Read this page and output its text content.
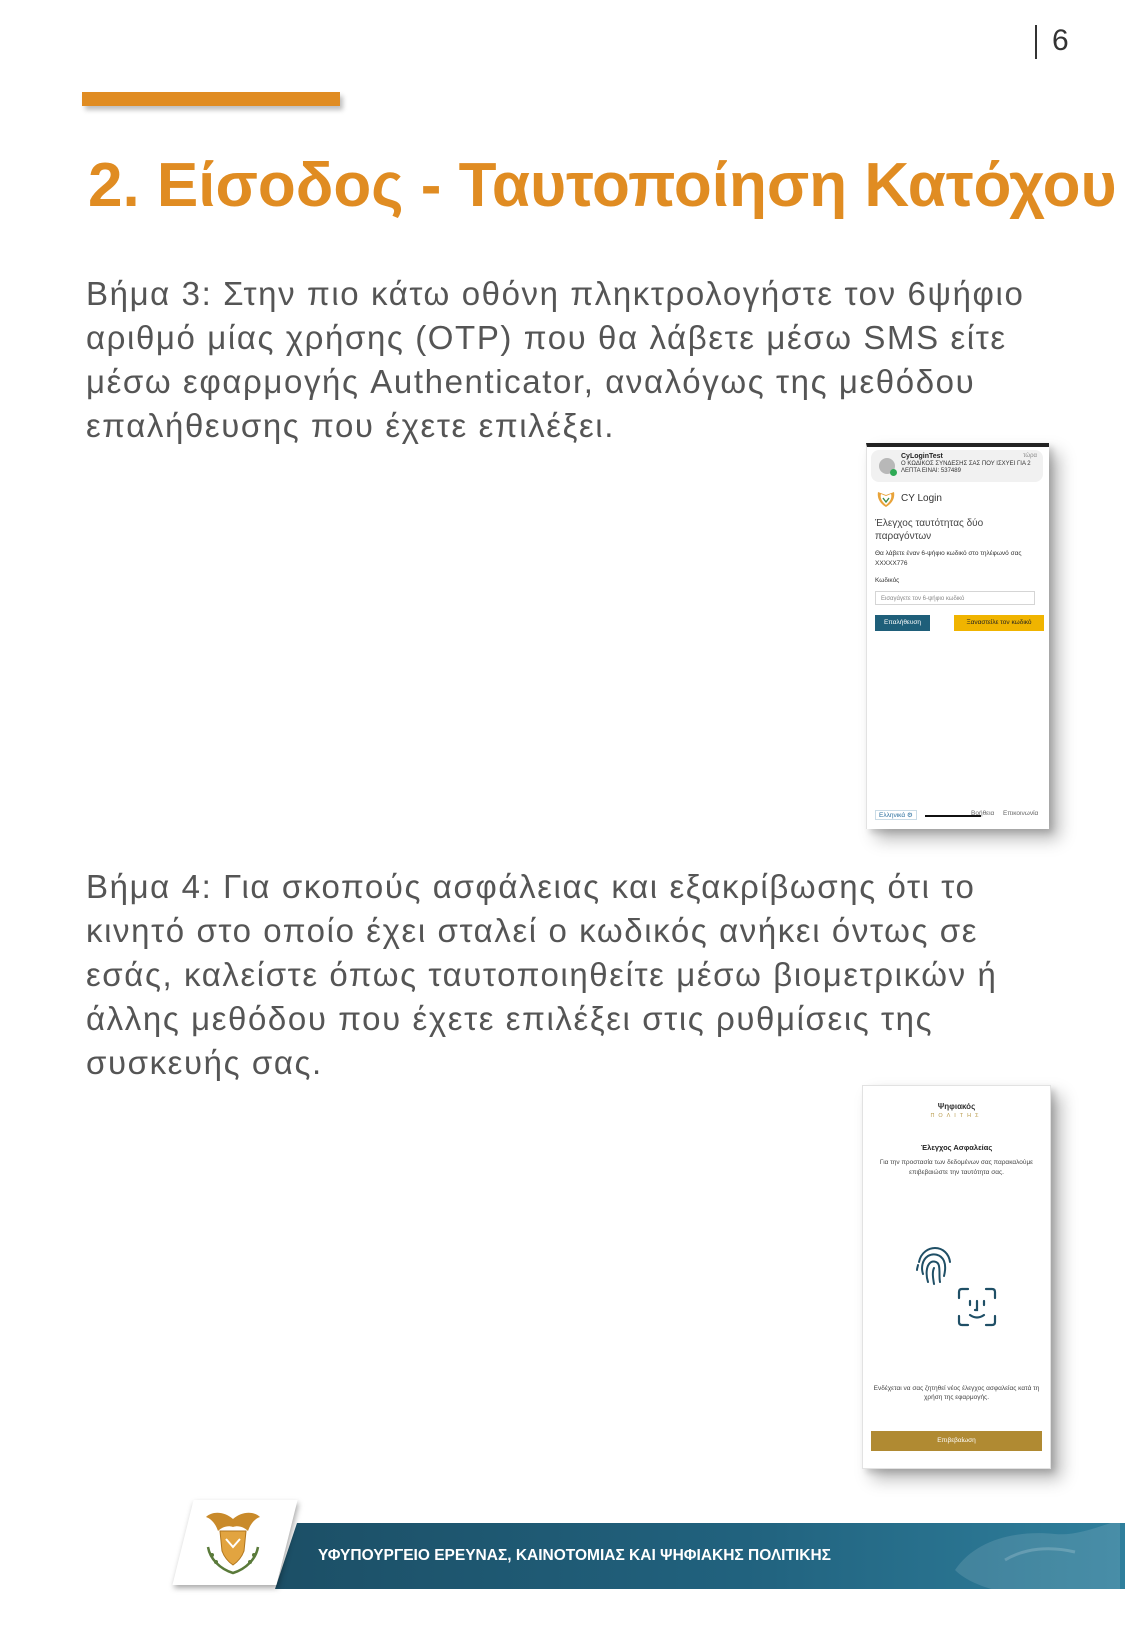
6
2. Είσοδος - Ταυτοποίηση Κατόχου

Βήμα 3: Στην πιο κάτω οθόνη πληκτρολογήστε τον 6ψήφιο αριθμό μίας χρήσης (OTP) που θα λάβετε μέσω SMS είτε μέσω εφαρμογής Authenticator, αναλόγως της μεθόδου επαλήθευσης που έχετε επιλέξει.

CyLoginTest	τώρα
Ο ΚΩΔΙΚΟΣ ΣΥΝΔΕΣΗΣ ΣΑΣ ΠΟΥ ΙΣΧΥΕΙ ΓΙΑ 2 ΛΕΠΤΑ ΕΙΝΑΙ: 537489
CY Login
Έλεγχος ταυτότητας δύο παραγόντων
Θα λάβετε έναν 6-ψήφιο κωδικό στο τηλέφωνό σας XXXXX776
Κωδικός
Εισαγάγετε τον 6-ψήφιο κωδικό
Επαλήθευση	Ξαναστείλε τον κωδικό
Ελληνικά ⚙	Βοήθεια Επικοινωνία

Βήμα 4: Για σκοπούς ασφάλειας και εξακρίβωσης ότι το κινητό στο οποίο έχει σταλεί ο κωδικός ανήκει όντως σε εσάς, καλείστε όπως ταυτοποιηθείτε μέσω βιομετρικών ή άλλης μεθόδου που έχετε επιλέξει στις ρυθμίσεις της συσκευής σας.

Ψηφιακός
ΠΟΛΙΤΗΣ
Έλεγχος Ασφαλείας
Για την προστασία των δεδομένων σας παρακαλούμε επιβεβαιώστε την ταυτότητα σας.
Ενδέχεται να σας ζητηθεί νέος έλεγχος ασφαλείας κατά τη χρήση της εφαρμογής.
Επιβεβαίωση
ΥΦΥΠΟΥΡΓΕΙΟ ΕΡΕΥΝΑΣ, ΚΑΙΝΟΤΟΜΙΑΣ ΚΑΙ ΨΗΦΙΑΚΗΣ ΠΟΛΙΤΙΚΗΣ
